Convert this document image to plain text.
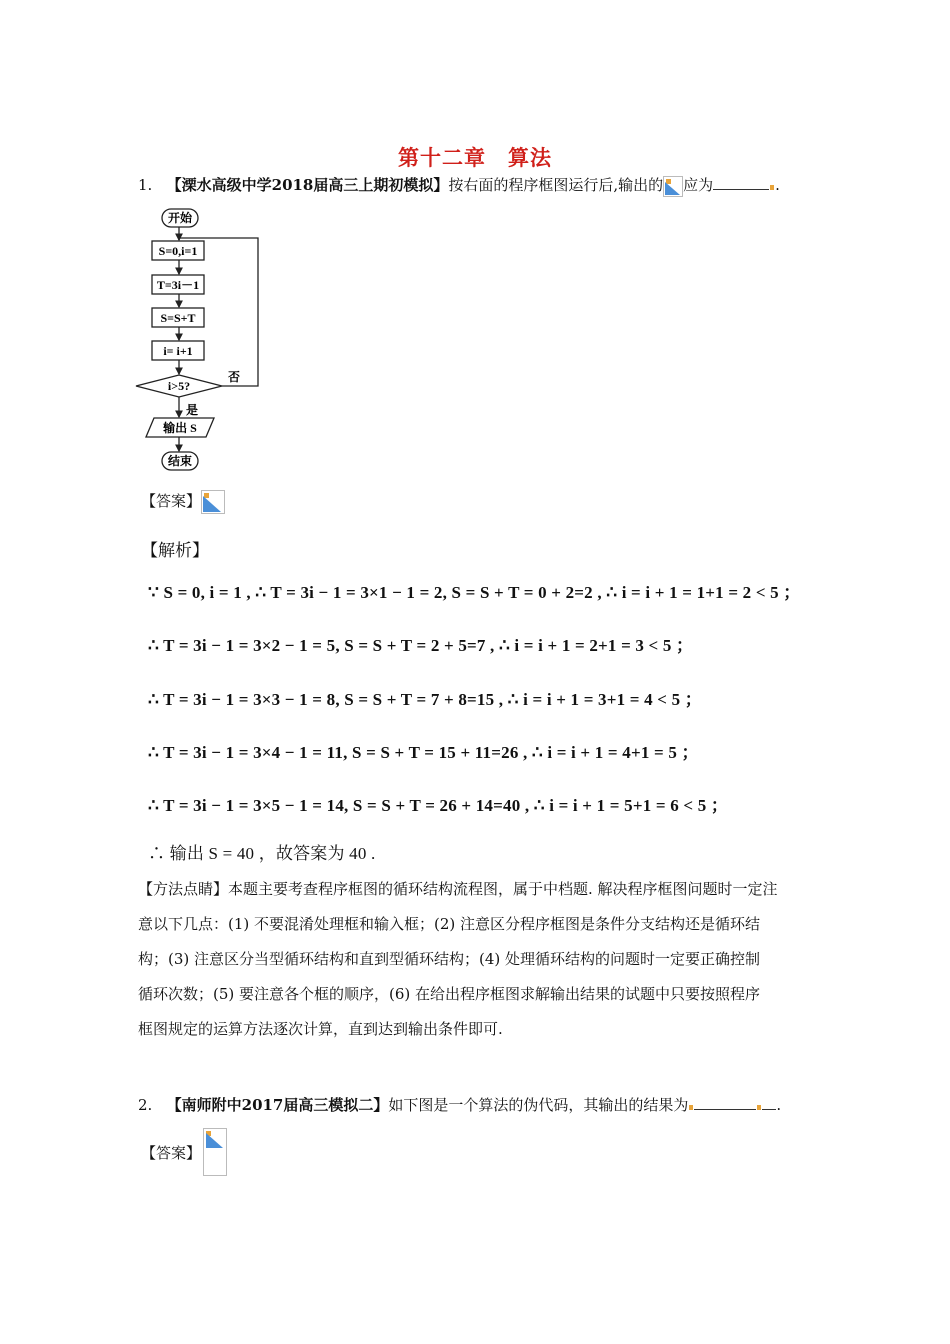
第十二章　算法
1. 【溧水高级中学2018届高三上期初模拟】按右面的程序框图运行后,输出的 应为	.
开始
S=0,i=1
T=3i－1
S=S+T
i= i+1
i>5?
否
是
输出 S
结束
【答案】
【解析】
∵ S = 0, i = 1 , ∴ T = 3i − 1 = 3×1 − 1 = 2, S = S + T = 0 + 2=2 , ∴ i = i + 1 = 1+1 = 2 < 5 ；
∴ T = 3i − 1 = 3×2 − 1 = 5, S = S + T = 2 + 5=7 , ∴ i = i + 1 = 2+1 = 3 < 5 ；
∴ T = 3i − 1 = 3×3 − 1 = 8, S = S + T = 7 + 8=15 , ∴ i = i + 1 = 3+1 = 4 < 5 ；
∴ T = 3i − 1 = 3×4 − 1 = 11, S = S + T = 15 + 11=26 , ∴ i = i + 1 = 4+1 = 5 ；
∴ T = 3i − 1 = 3×5 − 1 = 14, S = S + T = 26 + 14=40 , ∴ i = i + 1 = 5+1 = 6 < 5 ；
∴ 输出 S = 40 ，故答案为 40 .

【方法点睛】本题主要考查程序框图的循环结构流程图，属于中档题. 解决程序框图问题时一定注

意以下几点：(1) 不要混淆处理框和输入框；(2) 注意区分程序框图是条件分支结构还是循环结

构；(3) 注意区分当型循环结构和直到型循环结构；(4) 处理循环结构的问题时一定要正确控制

循环次数；(5) 要注意各个框的顺序，(6) 在给出程序框图求解输出结果的试题中只要按照程序

框图规定的运算方法逐次计算，直到达到输出条件即可.

2. 【南师附中2017届高三模拟二】如下图是一个算法的伪代码，其输出的结果为	.
【答案】
